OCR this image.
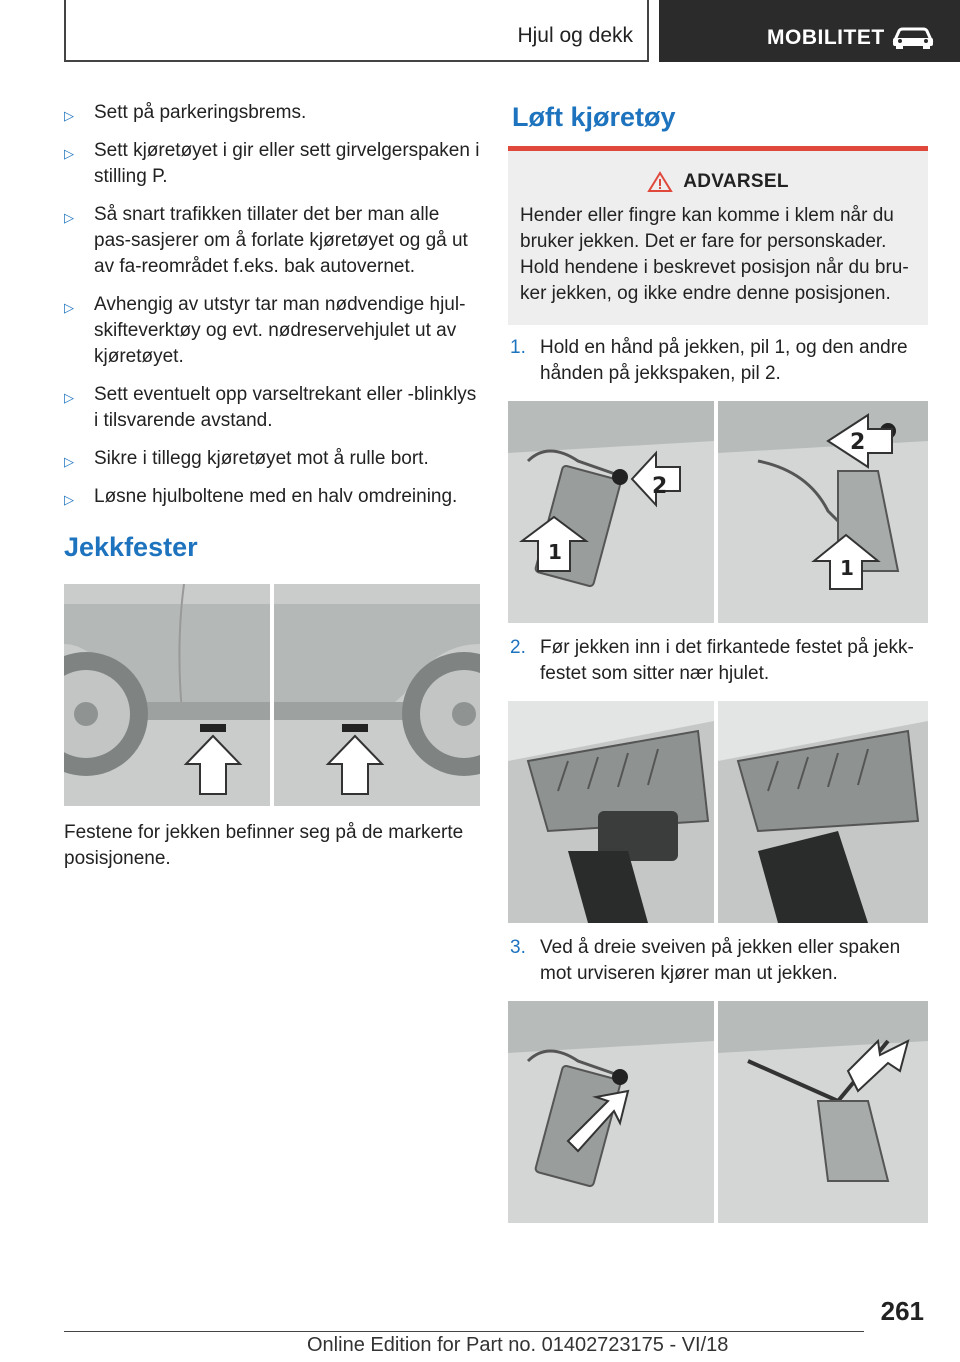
Hjul og dekk	MOBILITET
▷ Sett på parkeringsbrems.
▷ Sett kjøretøyet i gir eller sett girvelgerspaken i stilling P.
▷ Så snart trafikken tillater det ber man alle pas-sasjerer om å forlate kjøretøyet og gå ut av fa-reområdet f.eks. bak autovernet.
▷ Avhengig av utstyr tar man nødvendige hjul-skifteverktøy og evt. nødreservehjulet ut av kjøretøyet.
▷ Sett eventuelt opp varseltrekant eller -blinklys i tilsvarende avstand.
▷ Sikre i tillegg kjøretøyet mot å rulle bort.
▷ Løsne hjulboltene med en halv omdreining.
Jekkfester
Festene for jekken befinner seg på de markerte posisjonene.
Løft kjøretøy
ADVARSEL
Hender eller fingre kan komme i klem når du bruker jekken. Det er fare for personskader. Hold hendene i beskrevet posisjon når du bru-ker jekken, og ikke endre denne posisjonen.
1. Hold en hånd på jekken, pil 1, og den andre hånden på jekkspaken, pil 2.
2
1
2
1
2. Før jekken inn i det firkantede festet på jekk-festet som sitter nær hjulet.
3. Ved å dreie sveiven på jekken eller spaken mot urviseren kjører man ut jekken.
261
Online Edition for Part no. 01402723175 - VI/18
